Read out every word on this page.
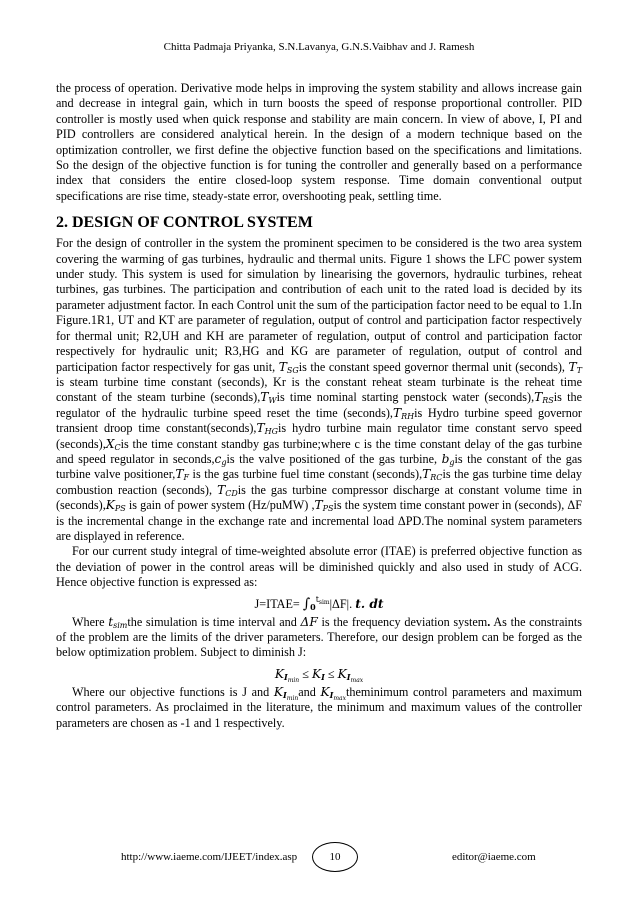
Chitta Padmaja Priyanka, S.N.Lavanya, G.N.S.Vaibhav and J. Ramesh

the process of operation. Derivative mode helps in improving the system stability and allows increase gain and decrease in integral gain, which in turn boosts the speed of response proportional controller. PID controller is mostly used when quick response and stability are main concern. In view of above, I, PI and PID controllers are considered analytical herein. In the design of a modern technique based on the optimization controller, we first define the objective function based on the specifications and limitations. So the design of the objective function is for tuning the controller and generally based on a performance index that considers the entire closed-loop system response. Time domain conventional output specifications are rise time, steady-state error, overshooting peak, settling time.

2. DESIGN OF CONTROL SYSTEM

For the design of controller in the system the prominent specimen to be considered is the two area system covering the warming of gas turbines, hydraulic and thermal units. Figure 1 shows the LFC power system under study. This system is used for simulation by linearising the governors, hydraulic turbines, reheat turbines, gas turbines. The participation and contribution of each unit to the rated load is decided by its parameter adjustment factor. In each Control unit the sum of the participation factor need to be equal to 1.In Figure.1R1, UT and KT are parameter of regulation, output of control and participation factor respectively for thermal unit; R2,UH and KH are parameter of regulation, output of control and participation factor respectively for hydraulic unit; R3,HG and KG are parameter of regulation, output of control and participation factor respectively for gas unit, $T_{SG}is$ the constant speed governor thermal unit (seconds), $T_T$ is steam turbine time constant (seconds), Kr is the constant reheat steam turbinate is the reheat time constant of the steam turbine $(seconds),T_Wis$ time nominal starting penstock water $(seconds),T_{RS}is$ the regulator of the hydraulic turbine speed reset the time $(seconds),T_{RH}is$ Hydro turbine speed governor transient droop time $constant(seconds),T_{HG}is$ hydro turbine main regulator time constant servo speed $(seconds),X_Cis$ the time constant standby gas turbine;where c is the time constant delay of the gas turbine and speed regulator in $seconds,c_gis$ the valve positioned of the gas turbine, $b_gis$ the constant of the gas turbine valve $positioner,T_F$ is the gas turbine fuel time constant $(seconds),T_{RC}is$ the gas turbine time delay combustion reaction (seconds), $T_{CD}is$ the gas turbine compressor discharge at constant volume time in $(seconds),K_{PS}$ is gain of power system (Hz/puMW) $,T_{PS}is$ the system time constant power in (seconds), ΔF is the incremental change in the exchange rate and incremental load ΔPD.The nominal system parameters are displayed in reference.

For our current study integral of time-weighted absolute error (ITAE) is preferred objective function as the deviation of power in the control areas will be diminished quickly and also used in study of ACG. Hence objective function is expressed as:

J=ITAE= $\int_0^{t_{sim}}|\Delta F|$. t. dt

Where $t_{sim}the$ simulation is time interval and ΔF is the frequency deviation system. As the constraints of the problem are the limits of the driver parameters. Therefore, our design problem can be forged as the below optimization problem. Subject to diminish J:

$K_{I_{min}} \le K_I \le K_{I_{max}}$

Where our objective functions is J and $K_{I_{min}}and$ $K_{I_{max}}theminimum$ control parameters and maximum control parameters. As proclaimed in the literature, the minimum and maximum values of the controller parameters are chosen as -1 and 1 respectively.

http://www.iaeme.com/IJEET/index.asp	10	editor@iaeme.com
